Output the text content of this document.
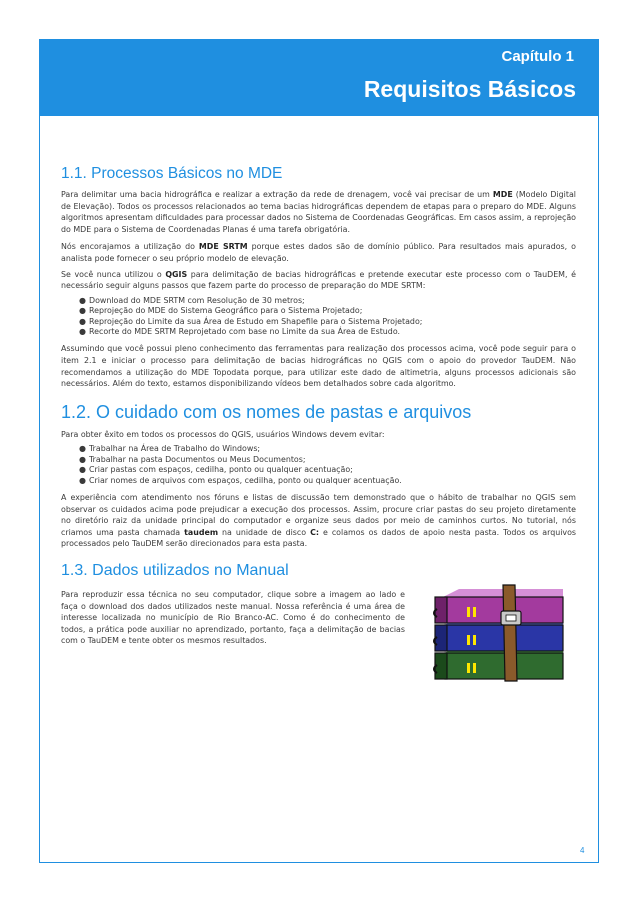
Capítulo 1
Requisitos Básicos
1.1. Processos Básicos no MDE

Para delimitar uma bacia hidrográfica e realizar a extração da rede de drenagem, você vai precisar de um MDE (Modelo Digital de Elevação). Todos os processos relacionados ao tema bacias hidrográficas dependem de etapas para o preparo do MDE. Alguns algoritmos apresentam dificuldades para processar dados no Sistema de Coordenadas Geográficas. Em casos assim, a reprojeção do MDE para o Sistema de Coordenadas Planas é uma tarefa obrigatória.

Nós encorajamos a utilização do MDE SRTM porque estes dados são de domínio público. Para resultados mais apurados, o analista pode fornecer o seu próprio modelo de elevação.

Se você nunca utilizou o QGIS para delimitação de bacias hidrográficas e pretende executar este processo com o TauDEM, é necessário seguir alguns passos que fazem parte do processo de preparação do MDE SRTM:

● Download do MDE SRTM com Resolução de 30 metros;
● Reprojeção do MDE do Sistema Geográfico para o Sistema Projetado;
● Reprojeção do Limite da sua Área de Estudo em Shapefile para o Sistema Projetado;
● Recorte do MDE SRTM Reprojetado com base no Limite da sua Área de Estudo.

Assumindo que você possui pleno conhecimento das ferramentas para realização dos processos acima, você pode seguir para o item 2.1 e iniciar o processo para delimitação de bacias hidrográficas no QGIS com o apoio do provedor TauDEM. Não recomendamos a utilização do MDE Topodata porque, para utilizar este dado de altimetria, alguns processos adicionais são necessários. Além do texto, estamos disponibilizando vídeos bem detalhados sobre cada algoritmo.

1.2. O cuidado com os nomes de pastas e arquivos

Para obter êxito em todos os processos do QGIS, usuários Windows devem evitar:

● Trabalhar na Área de Trabalho do Windows;
● Trabalhar na pasta Documentos ou Meus Documentos;
● Criar pastas com espaços, cedilha, ponto ou qualquer acentuação;
● Criar nomes de arquivos com espaços, cedilha, ponto ou qualquer acentuação.

A experiência com atendimento nos fóruns e listas de discussão tem demonstrado que o hábito de trabalhar no QGIS sem observar os cuidados acima pode prejudicar a execução dos processos. Assim, procure criar pastas do seu projeto diretamente no diretório raiz da unidade principal do computador e organize seus dados por meio de caminhos curtos. No tutorial, nós criamos uma pasta chamada taudem na unidade de disco C: e colamos os dados de apoio nesta pasta. Todos os arquivos processados pelo TauDEM serão direcionados para esta pasta.

1.3. Dados utilizados no Manual

Para reproduzir essa técnica no seu computador, clique sobre a imagem ao lado e faça o download dos dados utilizados neste manual. Nossa referência é uma área de interesse localizada no município de Rio Branco-AC. Como é do conhecimento de todos, a prática pode auxiliar no aprendizado, portanto, faça a delimitação de bacias com o TauDEM e tente obter os mesmos resultados.

4
